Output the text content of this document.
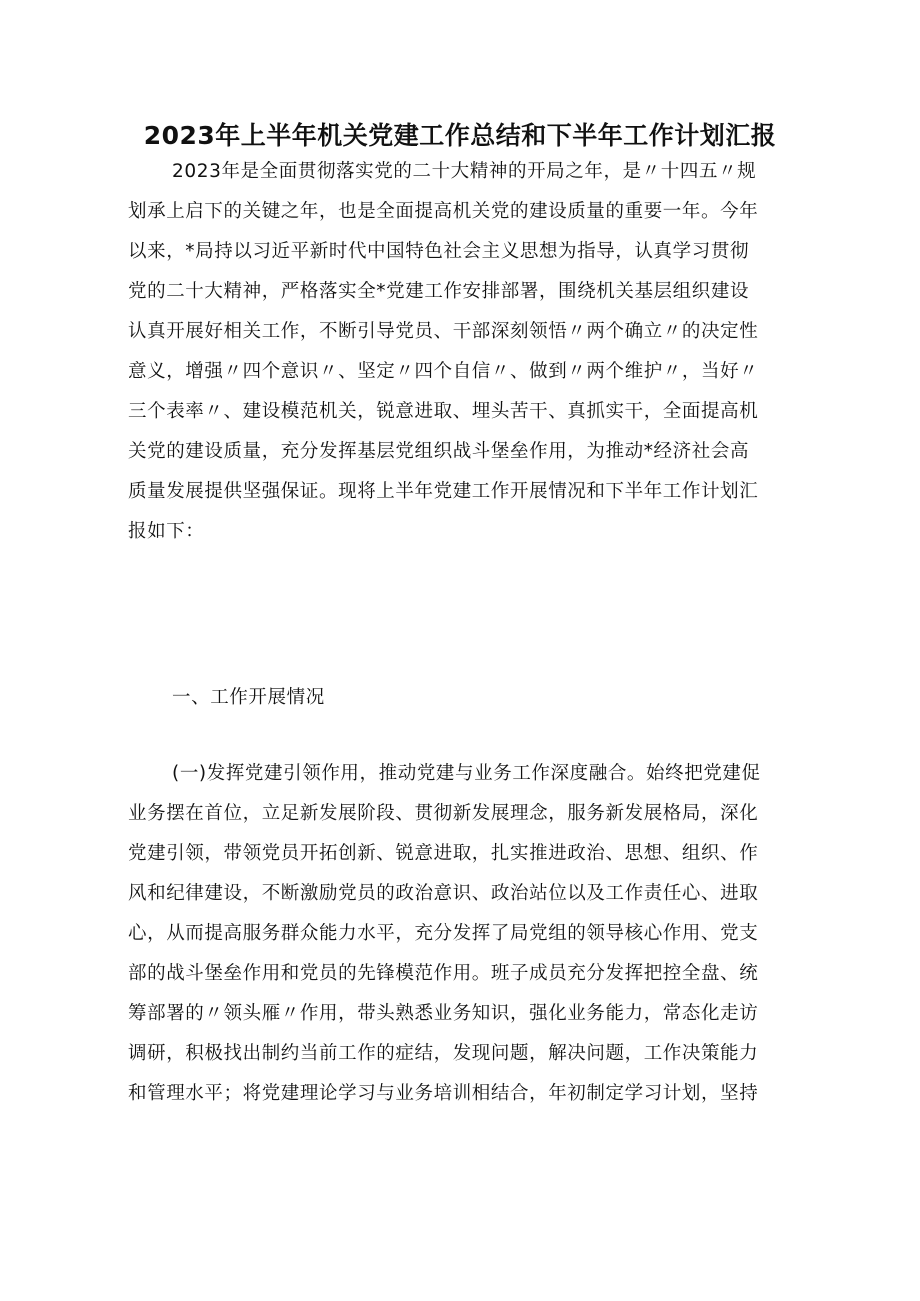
2023年上半年机关党建工作总结和下半年工作计划汇报
2023年是全面贯彻落实党的二十大精神的开局之年，是〃十四五〃规
划承上启下的关键之年，也是全面提高机关党的建设质量的重要一年。今年
以来，*局持以习近平新时代中国特色社会主义思想为指导，认真学习贯彻
党的二十大精神，严格落实全*党建工作安排部署，围绕机关基层组织建设
认真开展好相关工作，不断引导党员、干部深刻领悟〃两个确立〃的决定性
意义，增强〃四个意识〃、坚定〃四个自信〃、做到〃两个维护〃，当好〃
三个表率〃、建设模范机关，锐意进取、埋头苦干、真抓实干，全面提高机
关党的建设质量，充分发挥基层党组织战斗堡垒作用，为推动*经济社会高
质量发展提供坚强保证。现将上半年党建工作开展情况和下半年工作计划汇
报如下：
一、工作开展情况
(一)发挥党建引领作用，推动党建与业务工作深度融合。始终把党建促
业务摆在首位，立足新发展阶段、贯彻新发展理念，服务新发展格局，深化
党建引领，带领党员开拓创新、锐意进取，扎实推进政治、思想、组织、作
风和纪律建设，不断激励党员的政治意识、政治站位以及工作责任心、进取
心，从而提高服务群众能力水平，充分发挥了局党组的领导核心作用、党支
部的战斗堡垒作用和党员的先锋模范作用。班子成员充分发挥把控全盘、统
筹部署的〃领头雁〃作用，带头熟悉业务知识，强化业务能力，常态化走访
调研，积极找出制约当前工作的症结，发现问题，解决问题，工作决策能力
和管理水平；将党建理论学习与业务培训相结合，年初制定学习计划，坚持
